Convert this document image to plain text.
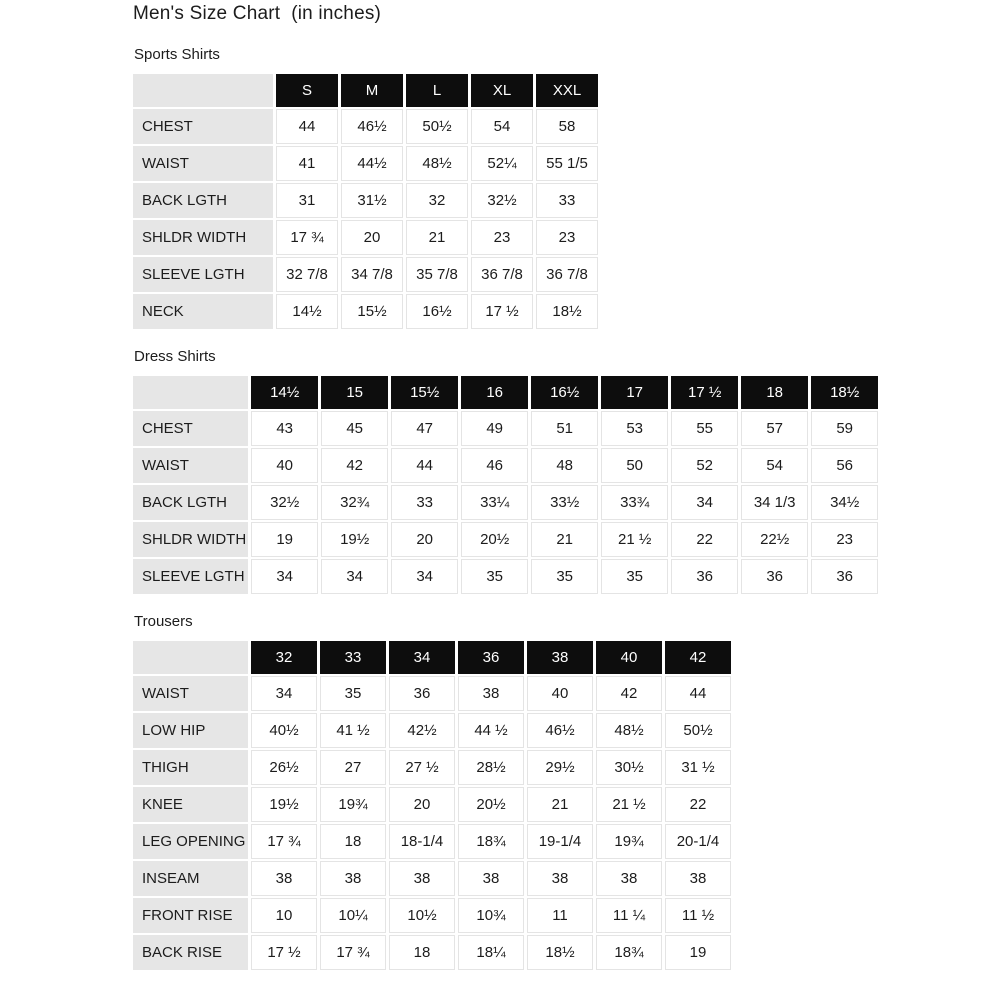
Men's Size Chart  (in inches)
Sports Shirts
	S	M	L	XL	XXL
CHEST	44	46½	50½	54	58
WAIST	41	44½	48½	52¼	55 1/5
BACK LGTH	31	31½	32	32½	33
SHLDR WIDTH	17 ¾	20	21	23	23
SLEEVE LGTH	32 7/8	34 7/8	35 7/8	36 7/8	36 7/8
NECK	14½	15½	16½	17 ½	18½
Dress Shirts
	14½	15	15½	16	16½	17	17 ½	18	18½
CHEST	43	45	47	49	51	53	55	57	59
WAIST	40	42	44	46	48	50	52	54	56
BACK LGTH	32½	32¾	33	33¼	33½	33¾	34	34 1/3	34½
SHLDR WIDTH	19	19½	20	20½	21	21 ½	22	22½	23
SLEEVE LGTH	34	34	34	35	35	35	36	36	36
Trousers
	32	33	34	36	38	40	42
WAIST	34	35	36	38	40	42	44
LOW HIP	40½	41 ½	42½	44 ½	46½	48½	50½
THIGH	26½	27	27 ½	28½	29½	30½	31 ½
KNEE	19½	19¾	20	20½	21	21 ½	22
LEG OPENING	17 ¾	18	18-1/4	18¾	19-1/4	19¾	20-1/4
INSEAM	38	38	38	38	38	38	38
FRONT RISE	10	10¼	10½	10¾	11	11 ¼	11 ½
BACK RISE	17 ½	17 ¾	18	18¼	18½	18¾	19
